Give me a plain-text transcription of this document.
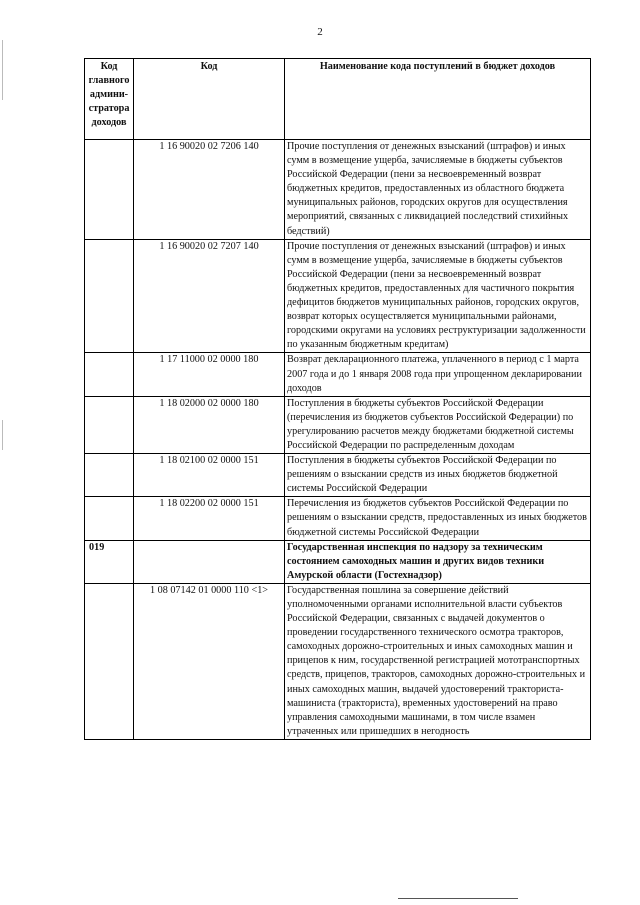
2
Код главного админи-стратора доходов	Код	Наименование кода поступлений в бюджет доходов
	1 16 90020 02 7206 140	Прочие поступления от денежных взысканий (штрафов) и иных сумм в возмещение ущерба, зачисляемые в бюджеты субъектов Российской Федерации (пени за несвоевременный возврат бюджетных кредитов, предоставленных из областного бюджета муниципальных районов, городских округов для осуществления мероприятий, связанных с ликвидацией последствий стихийных бедствий)
	1 16 90020 02 7207 140	Прочие поступления от денежных взысканий (штрафов) и иных сумм в возмещение ущерба, зачисляемые в бюджеты субъектов Российской Федерации (пени за несвоевременный возврат бюджетных кредитов, предоставленных для частичного покрытия дефицитов бюджетов муниципальных районов, городских округов, возврат которых осуществляется муниципальными районами, городскими округами на условиях реструктуризации задолженности по указанным бюджетным кредитам)
	1 17 11000 02 0000 180	Возврат декларационного платежа, уплаченного в период с 1 марта 2007 года и до 1 января 2008 года при упрощенном декларировании доходов
	1 18 02000 02 0000 180	Поступления в бюджеты субъектов Российской Федерации (перечисления из бюджетов субъектов Российской Федерации) по урегулированию расчетов между бюджетами бюджетной системы Российской Федерации по распределенным доходам
	1 18 02100 02 0000 151	Поступления в бюджеты субъектов Российской Федерации по решениям о взыскании средств из иных бюджетов бюджетной системы Российской Федерации
	1 18 02200 02 0000 151	Перечисления из бюджетов субъектов Российской Федерации по решениям о взыскании средств, предоставленных из иных бюджетов бюджетной системы Российской Федерации
019		Государственная инспекция по надзору за техническим состоянием самоходных машин и других видов техники Амурской области (Гостехнадзор)
	1 08 07142 01 0000 110 <1>	Государственная пошлина за совершение действий уполномоченными органами исполнительной власти субъектов Российской Федерации, связанных с выдачей документов о проведении государственного технического осмотра тракторов, самоходных дорожно-строительных и иных самоходных машин и прицепов к ним, государственной регистрацией мототранспортных средств, прицепов, тракторов, самоходных дорожно-строительных и иных самоходных машин, выдачей удостоверений тракториста-машиниста (тракториста), временных удостоверений на право управления самоходными машинами, в том числе взамен утраченных или пришедших в негодность
